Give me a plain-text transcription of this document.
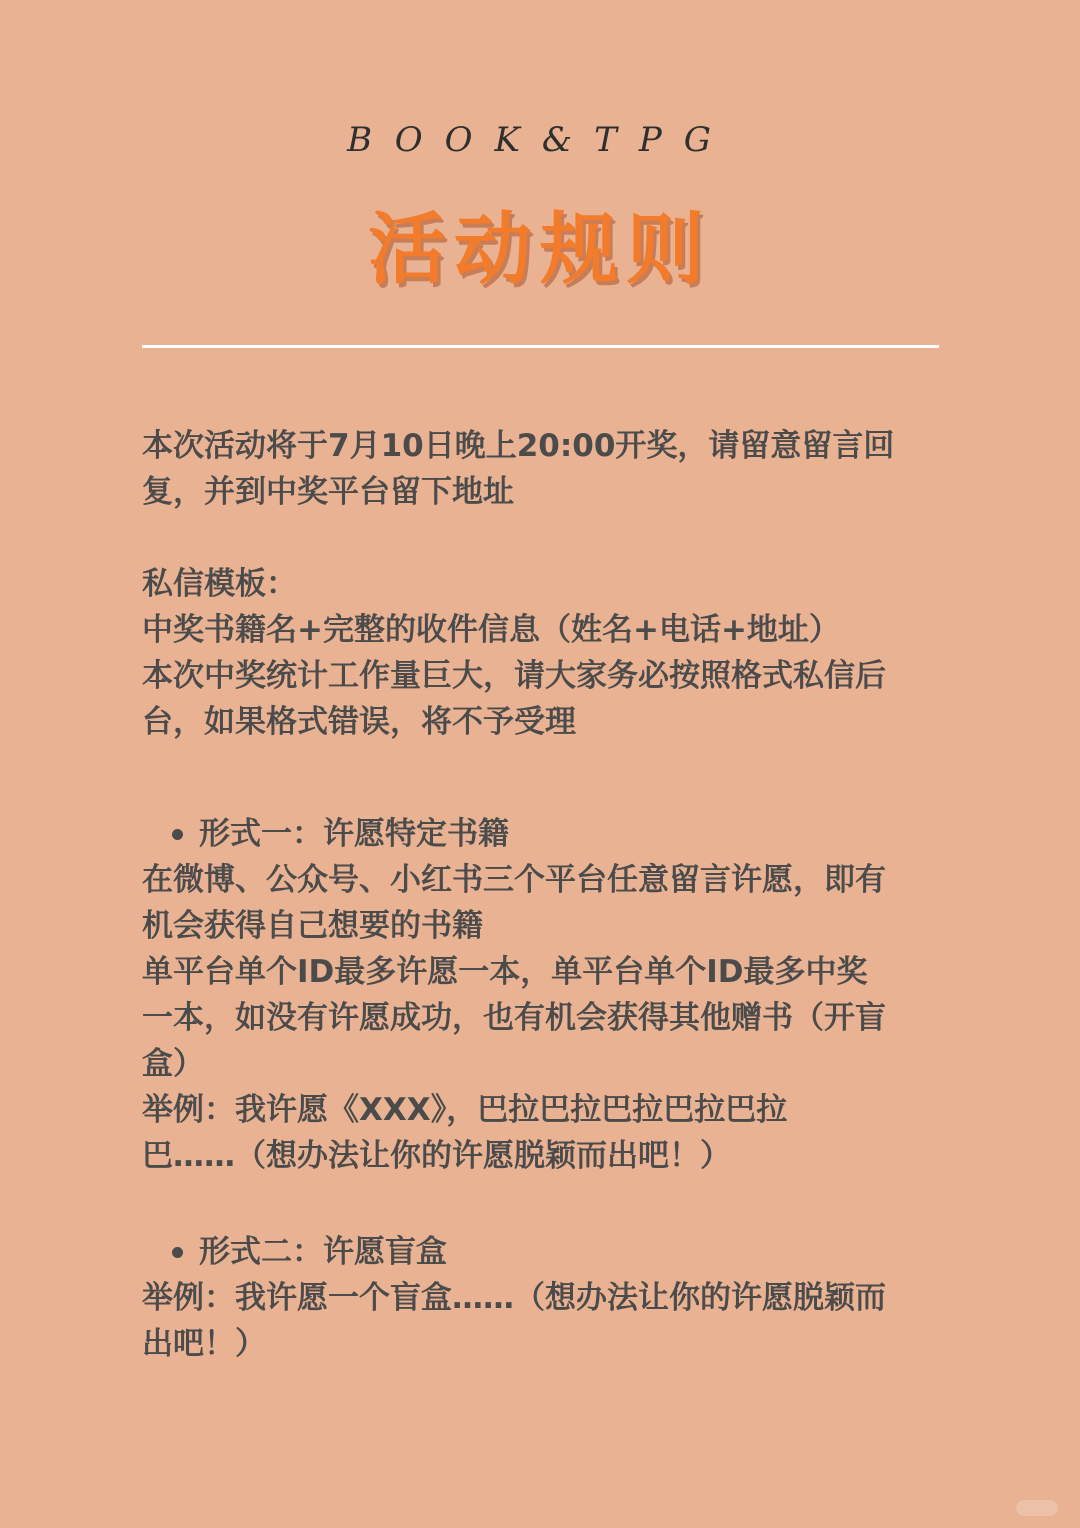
BOOK&TPG
活动规则

本次活动将于7月10日晚上20:00开奖，请留意留言回

复，并到中奖平台留下地址

私信模板：

中奖书籍名+完整的收件信息（姓名+电话+地址）

本次中奖统计工作量巨大，请大家务必按照格式私信后

台，如果格式错误，将不予受理

形式一：许愿特定书籍

在微博、公众号、小红书三个平台任意留言许愿，即有

机会获得自己想要的书籍

单平台单个ID最多许愿一本，单平台单个ID最多中奖

一本，如没有许愿成功，也有机会获得其他赠书（开盲

盒）

举例：我许愿《XXX》，巴拉巴拉巴拉巴拉巴拉

巴……（想办法让你的许愿脱颖而出吧！）

形式二：许愿盲盒

举例：我许愿一个盲盒……（想办法让你的许愿脱颖而

出吧！）
